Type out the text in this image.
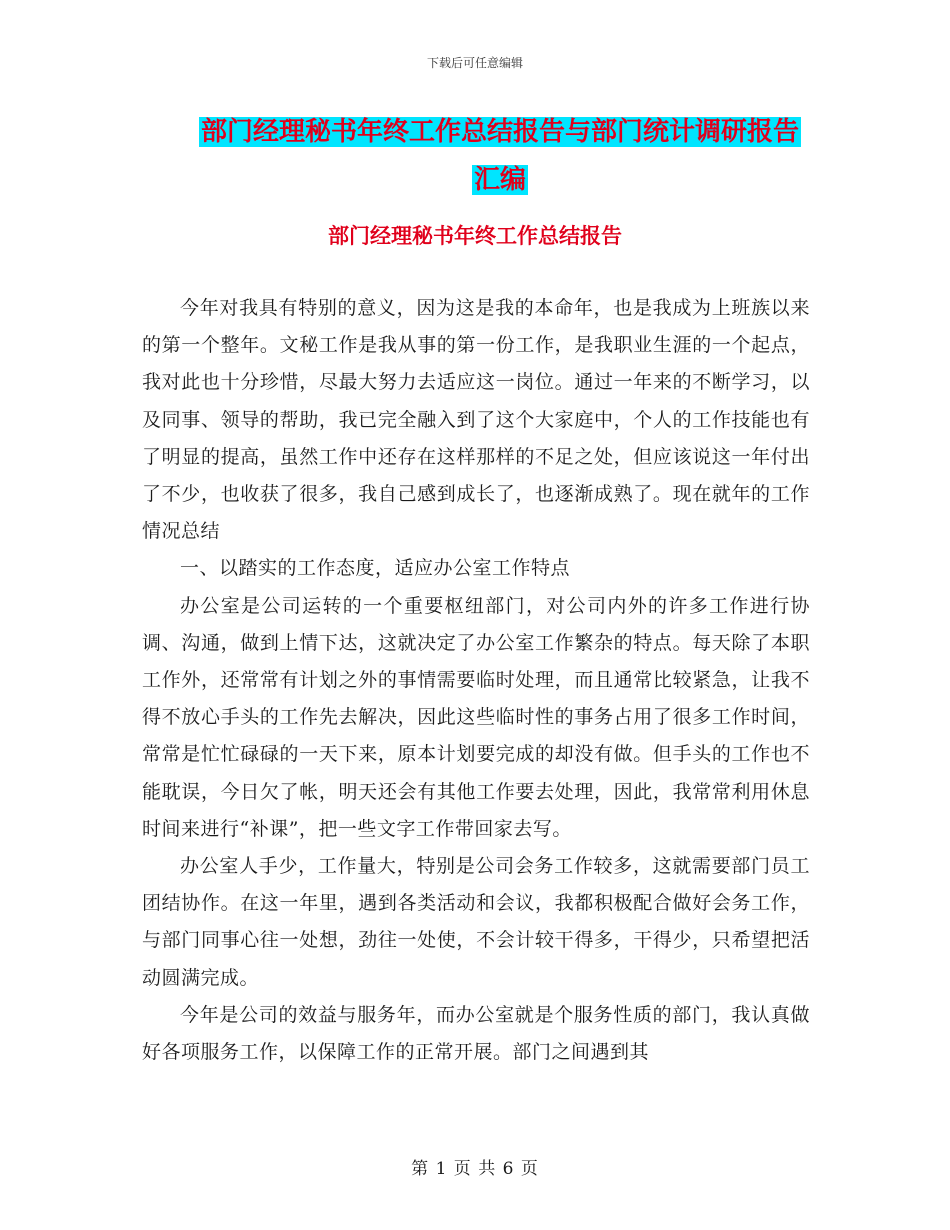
下载后可任意编辑
部门经理秘书年终工作总结报告与部门统计调研报告
汇编
部门经理秘书年终工作总结报告

今年对我具有特别的意义，因为这是我的本命年，也是我成为上班族以来的第一个整年。文秘工作是我从事的第一份工作，是我职业生涯的一个起点，我对此也十分珍惜，尽最大努力去适应这一岗位。通过一年来的不断学习，以及同事、领导的帮助，我已完全融入到了这个大家庭中，个人的工作技能也有了明显的提高，虽然工作中还存在这样那样的不足之处，但应该说这一年付出了不少，也收获了很多，我自己感到成长了，也逐渐成熟了。现在就年的工作情况总结

一、以踏实的工作态度，适应办公室工作特点

办公室是公司运转的一个重要枢纽部门，对公司内外的许多工作进行协调、沟通，做到上情下达，这就决定了办公室工作繁杂的特点。每天除了本职工作外，还常常有计划之外的事情需要临时处理，而且通常比较紧急，让我不得不放心手头的工作先去解决，因此这些临时性的事务占用了很多工作时间，常常是忙忙碌碌的一天下来，原本计划要完成的却没有做。但手头的工作也不能耽误，今日欠了帐，明天还会有其他工作要去处理，因此，我常常利用休息时间来进行“补课”，把一些文字工作带回家去写。

办公室人手少，工作量大，特别是公司会务工作较多，这就需要部门员工团结协作。在这一年里，遇到各类活动和会议，我都积极配合做好会务工作，与部门同事心往一处想，劲往一处使，不会计较干得多，干得少，只希望把活动圆满完成。

今年是公司的效益与服务年，而办公室就是个服务性质的部门，我认真做好各项服务工作，以保障工作的正常开展。部门之间遇到其

第 1 页 共 6 页
